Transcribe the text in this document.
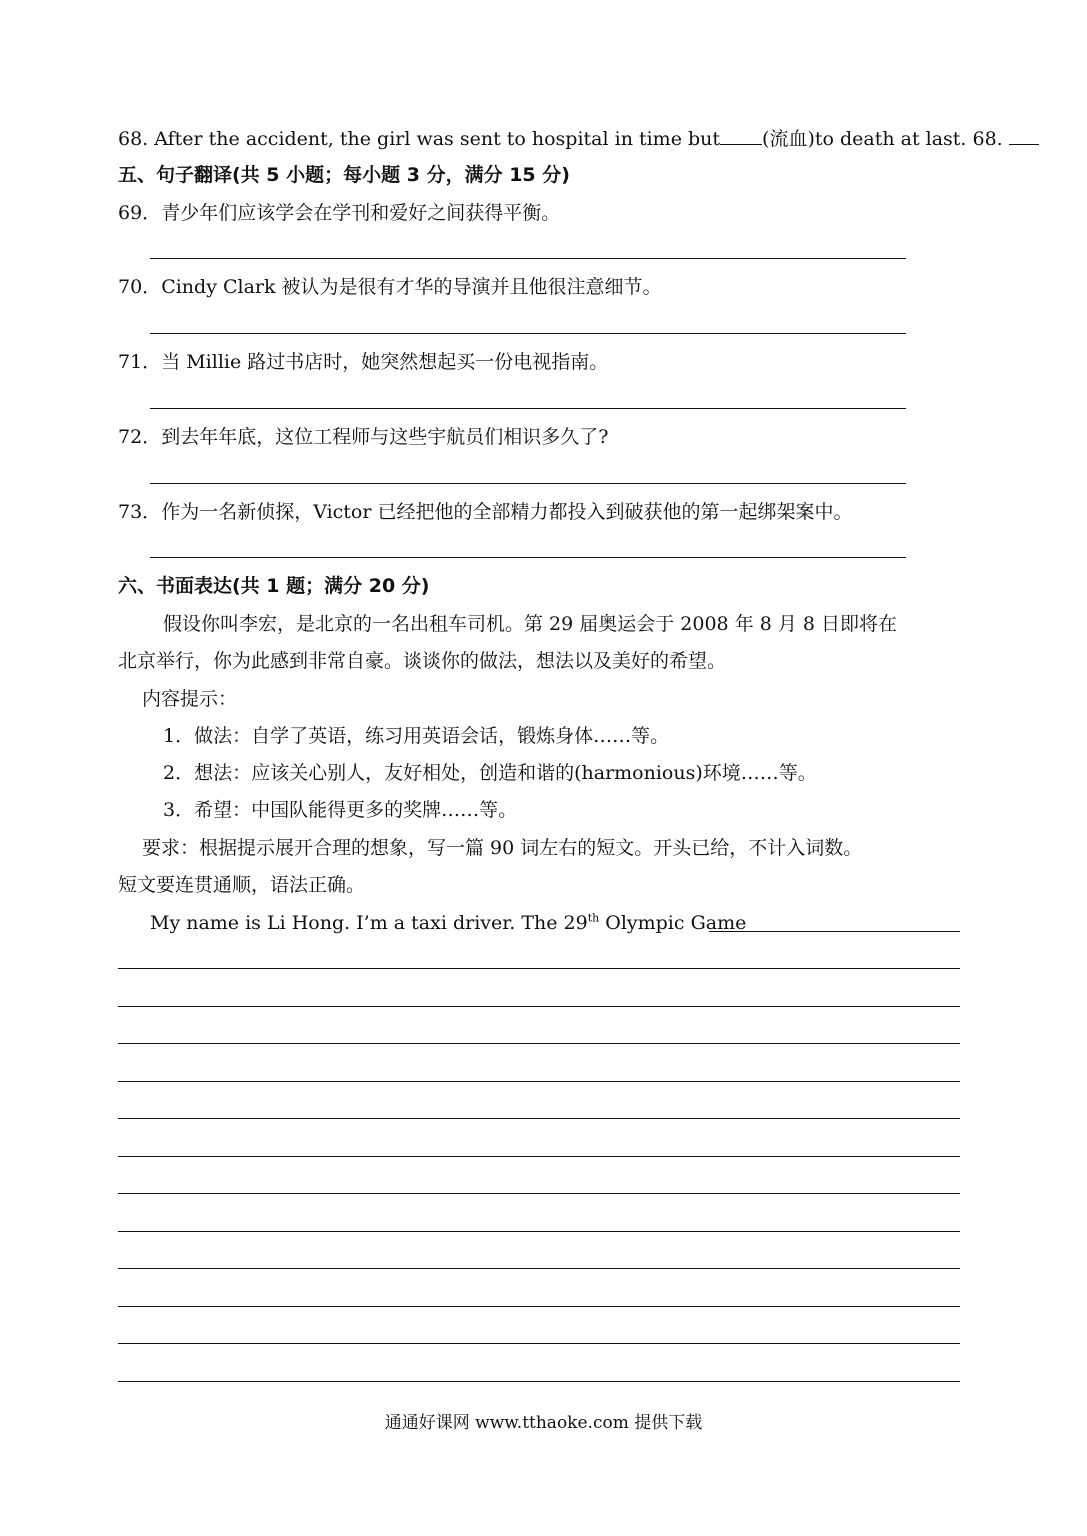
68. After the accident, the girl was sent to hospital in time but (流血)to death at last. 68.
五、句子翻译(共 5 小题；每小题 3 分，满分 15 分)
69．青少年们应该学会在学刊和爱好之间获得平衡。
70．Cindy Clark 被认为是很有才华的导演并且他很注意细节。
71．当 Millie 路过书店时，她突然想起买一份电视指南。
72．到去年年底，这位工程师与这些宇航员们相识多久了?
73．作为一名新侦探，Victor 已经把他的全部精力都投入到破获他的第一起绑架案中。
六、书面表达(共 1 题；满分 20 分)
假设你叫李宏，是北京的一名出租车司机。第 29 届奥运会于 2008 年 8 月 8 日即将在
北京举行，你为此感到非常自豪。谈谈你的做法，想法以及美好的希望。
内容提示：
1．做法：自学了英语，练习用英语会话，锻炼身体……等。
2．想法：应该关心别人，友好相处，创造和谐的(harmonious)环境……等。
3．希望：中国队能得更多的奖牌……等。
要求：根据提示展开合理的想象，写一篇 90 词左右的短文。开头已给，不计入词数。
短文要连贯通顺，语法正确。
My name is Li Hong. I’m a taxi driver. The 29th Olympic Game
通通好课网 www.tthaoke.com 提供下载
